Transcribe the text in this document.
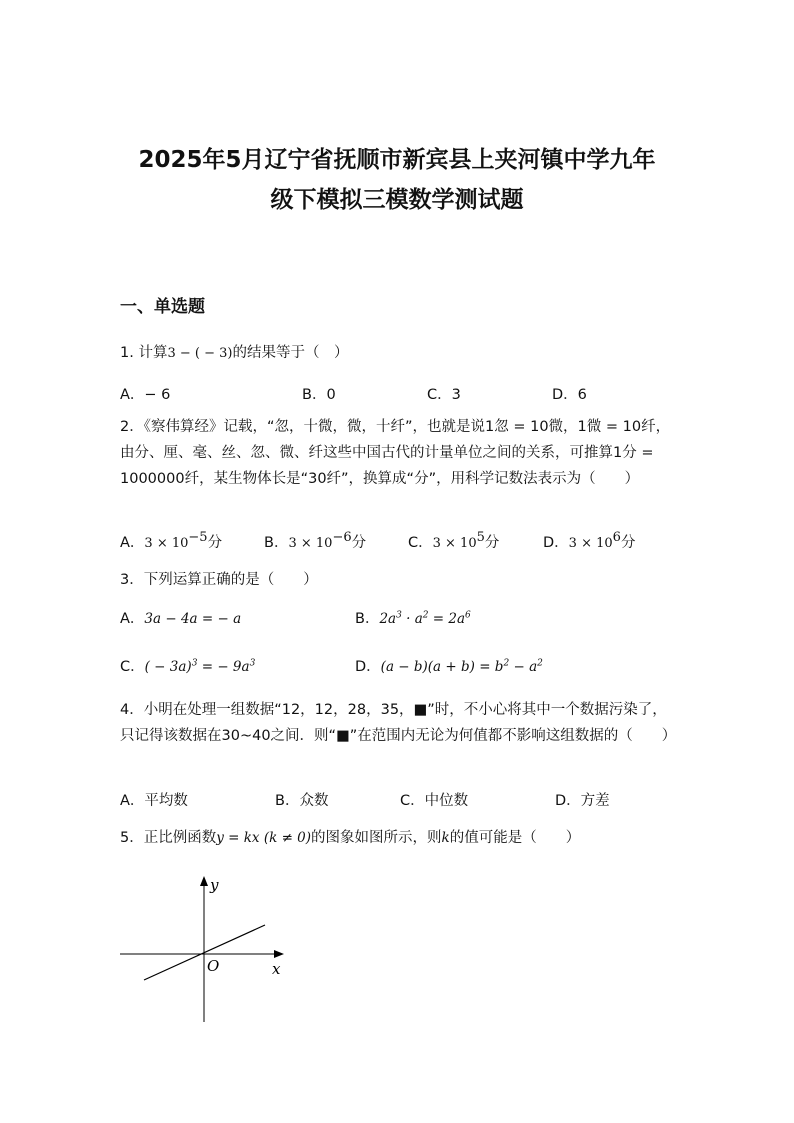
2025年5月辽宁省抚顺市新宾县上夹河镇中学九年
级下模拟三模数学测试题
一、单选题
1. 计算3 − ( − 3)的结果等于（　）
A．− 6	B．0	C．3	D．6
2．《察伟算经》记载，“忽，十微，微，十纤”，也就是说1忽 = 10微，1微 = 10纤，由分、厘、毫、丝、忽、微、纤这些中国古代的计量单位之间的关系，可推算1分 = 1000000纤，某生物体长是“30纤”，换算成“分”，用科学记数法表示为（　　）
A．$3 \times 10^{-5}$分	B．$3 \times 10^{-6}$分	C．$3 \times 10^5$分	D．$3 \times 10^6$分
3．下列运算正确的是（　　）
A．3a − 4a = − a	B．$2a^3 \cdot a^2 = 2a^6$
C．( − 3a)$^3$ = − $9a^3$	D．$(a - b)(a + b) = b^2 - a^2$
4．小明在处理一组数据“12，12，28，35，■”时，不小心将其中一个数据污染了，只记得该数据在30~40之间．则“■”在范围内无论为何值都不影响这组数据的（　　）
A．平均数	B．众数	C．中位数	D．方差
5．正比例函数y = kx (k ≠ 0)的图象如图所示，则k的值可能是（　　）
y
O	x
